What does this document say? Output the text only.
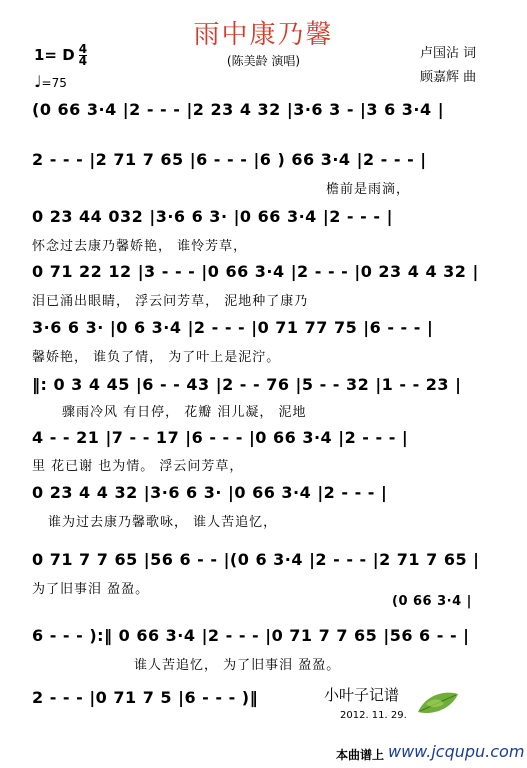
雨中康乃馨
(陈美龄 演唱)	卢国沾 词
顾嘉辉 曲
1= D $\frac{4}{4}$
♩=75
(0 66 3·4 |2 - - - |2 23 4 32 |3·6 3 - |3 6 3·4 |
2 - - - |2 71 7 65 |6 - - - |6 ) 66 3·4 |2 - - - |
檐前是雨滴，
0 23 44 032 |3·6 6 3· |0 66 3·4 |2 - - - |
怀念过去康乃馨娇艳， 谁怜芳草，
0 71 22 12 |3 - - - |0 66 3·4 |2 - - - |0 23 4 4 32 |
泪已涌出眼睛， 浮云问芳草， 泥地种了康乃
3·6 6 3· |0 6 3·4 |2 - - - |0 71 77 75 |6 - - - |
馨娇艳， 谁负了情， 为了叶上是泥泞。
‖: 0 3 4 45 |6 - - 43 |2 - - 76 |5 - - 32 |1 - - 23 |
骤雨冷风 有日停， 花瓣 泪儿凝， 泥地
4 - - 21 |7 - - 17 |6 - - - |0 66 3·4 |2 - - - |
里 花已谢 也为情。 浮云问芳草，
0 23 4 4 32 |3·6 6 3· |0 66 3·4 |2 - - - |
谁为过去康乃馨歌咏， 谁人苦追忆，
0 71 7 7 65 |56 6 - - |(0 6 3·4 |2 - - - |2 71 7 65 |
为了旧事泪 盈盈。
(0 66 3·4 |
6 - - - ):‖ 0 66 3·4 |2 - - - |0 71 7 7 65 |56 6 - - |
谁人苦追忆， 为了旧事泪 盈盈。
2 - - - |0 71 7 5 |6 - - - )‖	小叶子记谱
2012. 11. 29.
本曲谱上 www.jcqupu.com
